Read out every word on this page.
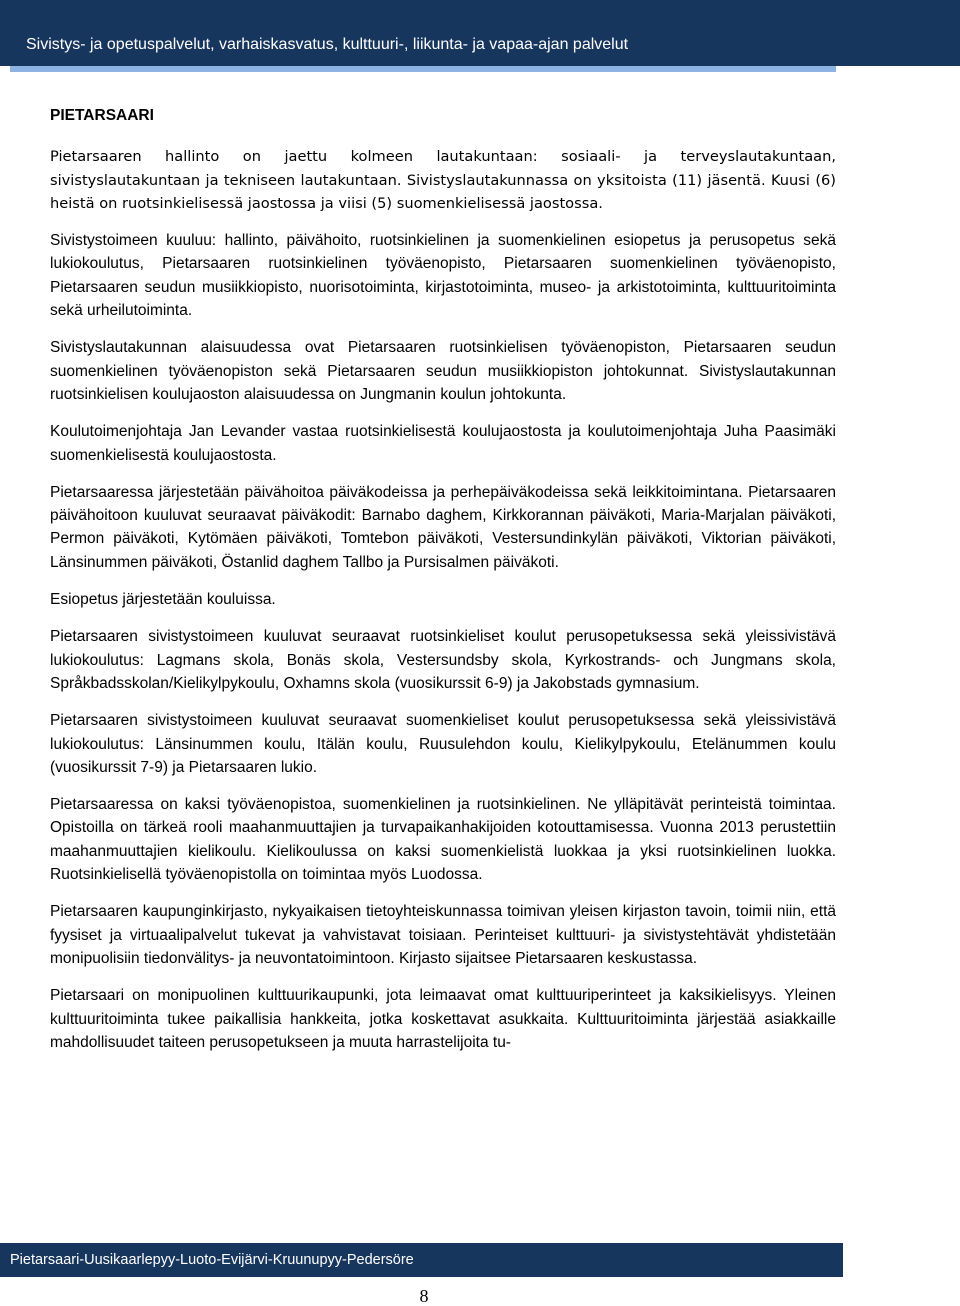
Sivistys- ja opetuspalvelut, varhaiskasvatus, kulttuuri-, liikunta- ja vapaa-ajan palvelut
PIETARSAARI

Pietarsaaren hallinto on jaettu kolmeen lautakuntaan: sosiaali- ja terveyslautakuntaan, sivistyslautakuntaan ja tekniseen lautakuntaan. Sivistyslautakunnassa on yksitoista (11) jäsentä. Kuusi (6) heistä on ruotsinkielisessä jaostossa ja viisi (5) suomenkielisessä jaostossa.

Sivistystoimeen kuuluu: hallinto, päivähoito, ruotsinkielinen ja suomenkielinen esiopetus ja perusopetus sekä lukiokoulutus, Pietarsaaren ruotsinkielinen työväenopisto, Pietarsaaren suomenkielinen työväenopisto, Pietarsaaren seudun musiikkiopisto, nuorisotoiminta, kirjastotoiminta, museo- ja arkistotoiminta, kulttuuritoiminta sekä urheilutoiminta.

Sivistyslautakunnan alaisuudessa ovat Pietarsaaren ruotsinkielisen työväenopiston, Pietarsaaren seudun suomenkielinen työväenopiston sekä Pietarsaaren seudun musiikkiopiston johtokunnat. Sivistyslautakunnan ruotsinkielisen koulujaoston alaisuudessa on Jungmanin koulun johtokunta.

Koulutoimenjohtaja Jan Levander vastaa ruotsinkielisestä koulujaostosta ja koulutoimenjohtaja Juha Paasimäki suomenkielisestä koulujaostosta.

Pietarsaaressa järjestetään päivähoitoa päiväkodeissa ja perhepäiväkodeissa sekä leikkitoimintana. Pietarsaaren päivähoitoon kuuluvat seuraavat päiväkodit: Barnabo daghem, Kirkkorannan päiväkoti, Maria-Marjalan päiväkoti, Permon päiväkoti, Kytömäen päiväkoti, Tomtebon päiväkoti, Vestersundinkylän päiväkoti, Viktorian päiväkoti, Länsinummen päiväkoti, Östanlid daghem Tallbo ja Pursisalmen päiväkoti.

Esiopetus järjestetään kouluissa.

Pietarsaaren sivistystoimeen kuuluvat seuraavat ruotsinkieliset koulut perusopetuksessa sekä yleissivistävä lukiokoulutus: Lagmans skola, Bonäs skola, Vestersundsby skola, Kyrkostrands- och Jungmans skola, Språkbadsskolan/Kielikylpykoulu, Oxhamns skola (vuosikurssit 6-9) ja Jakobstads gymnasium.

Pietarsaaren sivistystoimeen kuuluvat seuraavat suomenkieliset koulut perusopetuksessa sekä yleissivistävä lukiokoulutus: Länsinummen koulu, Itälän koulu, Ruusulehdon koulu, Kielikylpykoulu, Etelänummen koulu (vuosikurssit 7-9) ja Pietarsaaren lukio.

Pietarsaaressa on kaksi työväenopistoa, suomenkielinen ja ruotsinkielinen. Ne ylläpitävät perinteistä toimintaa. Opistoilla on tärkeä rooli maahanmuuttajien ja turvapaikanhakijoiden kotouttamisessa. Vuonna 2013 perustettiin maahanmuuttajien kielikoulu. Kielikoulussa on kaksi suomenkielistä luokkaa ja yksi ruotsinkielinen luokka. Ruotsinkielisellä työväenopistolla on toimintaa myös Luodossa.

Pietarsaaren kaupunginkirjasto, nykyaikaisen tietoyhteiskunnassa toimivan yleisen kirjaston tavoin, toimii niin, että fyysiset ja virtuaalipalvelut tukevat ja vahvistavat toisiaan. Perinteiset kulttuuri- ja sivistystehtävät yhdistetään monipuolisiin tiedonvälitys- ja neuvontatoimintoon. Kirjasto sijaitsee Pietarsaaren keskustassa.

Pietarsaari on monipuolinen kulttuurikaupunki, jota leimaavat omat kulttuuriperinteet ja kaksikielisyys. Yleinen kulttuuritoiminta tukee paikallisia hankkeita, jotka koskettavat asukkaita. Kulttuuritoiminta järjestää asiakkaille mahdollisuudet taiteen perusopetukseen ja muuta harrastelijoita tu-

Pietarsaari-Uusikaarlepyy-Luoto-Evijärvi-Kruunupyy-Pedersöre
8
